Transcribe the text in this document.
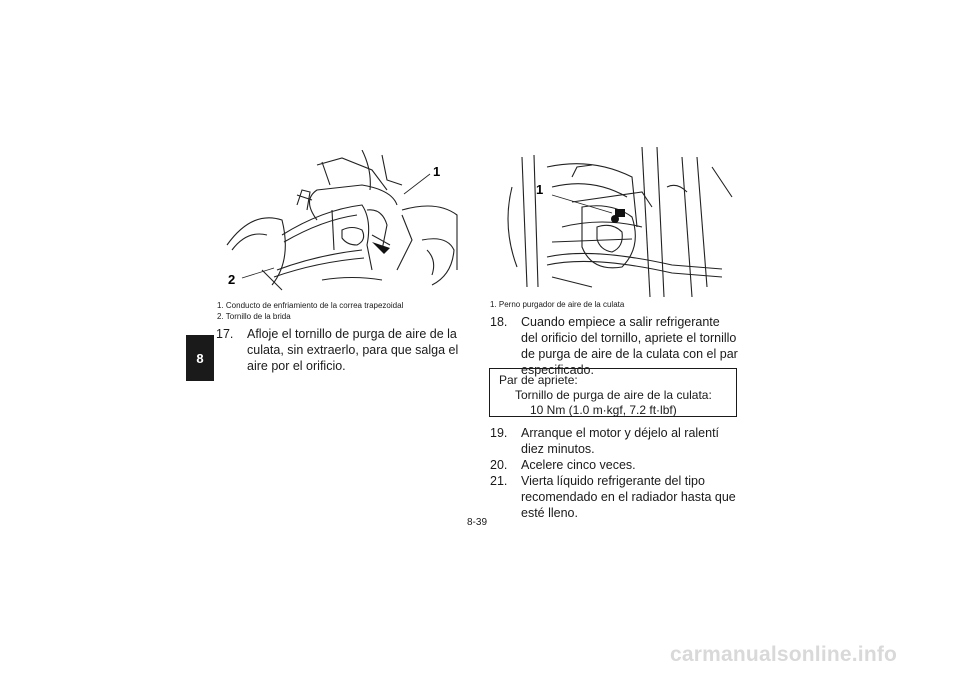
8
1
2
1. Conducto de enfriamiento de la correa trapezoidal
2. Tornillo de la brida
1
1. Perno purgador de aire de la culata
17. Afloje el tornillo de purga de aire de la culata, sin extraerlo, para que salga el aire por el orificio.
18. Cuando empiece a salir refrigerante del orificio del tornillo, apriete el tornillo de purga de aire de la culata con el par especificado.
Par de apriete:
Tornillo de purga de aire de la culata:
10 Nm (1.0 m·kgf, 7.2 ft·lbf)
19. Arranque el motor y déjelo al ralentí diez minutos.
20. Acelere cinco veces.
21. Vierta líquido refrigerante del tipo recomendado en el radiador hasta que esté lleno.
8-39
carmanualsonline.info
